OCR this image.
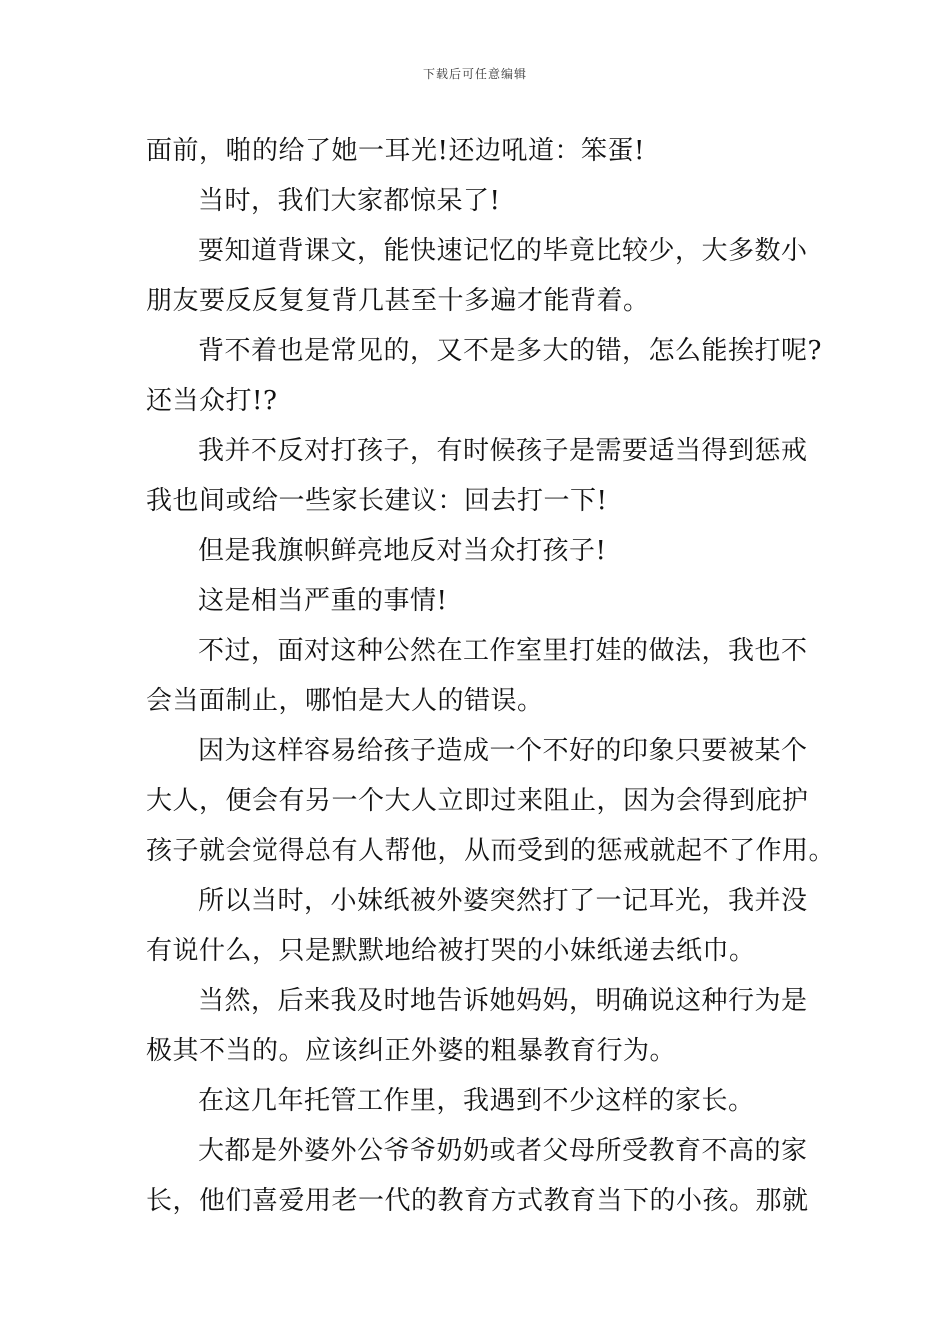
下载后可任意编辑
面前，啪的给了她一耳光!还边吼道：笨蛋!
当时，我们大家都惊呆了!
要知道背课文，能快速记忆的毕竟比较少，大多数小
朋友要反反复复背几甚至十多遍才能背着。
背不着也是常见的，又不是多大的错，怎么能挨打呢?
还当众打!?
我并不反对打孩子，有时候孩子是需要适当得到惩戒
我也间或给一些家长建议：回去打一下!
但是我旗帜鲜亮地反对当众打孩子!
这是相当严重的事情!
不过，面对这种公然在工作室里打娃的做法，我也不
会当面制止，哪怕是大人的错误。
因为这样容易给孩子造成一个不好的印象只要被某个
大人，便会有另一个大人立即过来阻止，因为会得到庇护
孩子就会觉得总有人帮他，从而受到的惩戒就起不了作用。
所以当时，小妹纸被外婆突然打了一记耳光，我并没
有说什么，只是默默地给被打哭的小妹纸递去纸巾。
当然，后来我及时地告诉她妈妈，明确说这种行为是
极其不当的。应该纠正外婆的粗暴教育行为。
在这几年托管工作里，我遇到不少这样的家长。
大都是外婆外公爷爷奶奶或者父母所受教育不高的家
长，他们喜爱用老一代的教育方式教育当下的小孩。那就
